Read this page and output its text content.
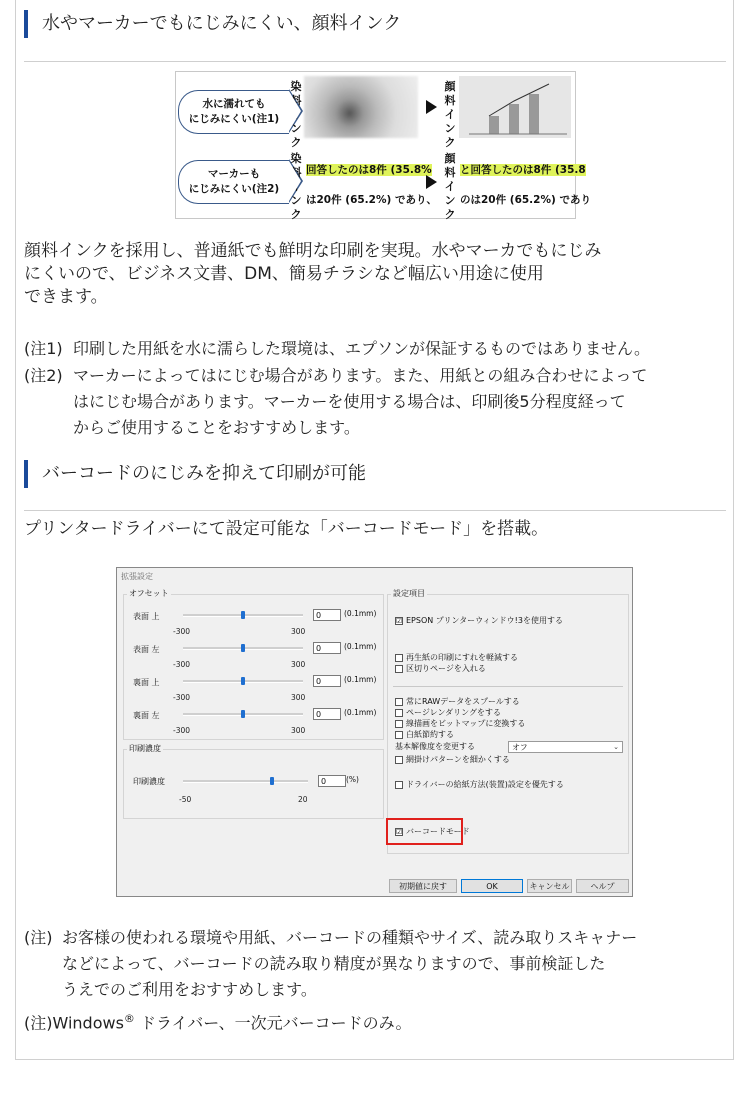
水やマーカーでもにじみにくい、顔料インク
水に濡れても
にじみにくい(注1)
染 ク
顔料インク
マーカーも
にじみにくい(注2)
染 ク
回答したのは8件 (35.8%
は20件 (65.2%) であり、
顔料インク
と回答したのは8件 (35.8
のは20件 (65.2%) であり
顔料インクを採用し、普通紙でも鮮明な印刷を実現。水やマーカでもにじみ
にくいので、ビジネス文書、DM、簡易チラシなど幅広い用途に使用
できます。
(注1) 印刷した用紙を水に濡らした環境は、エプソンが保証するものではありません。
(注2) マーカーによってはにじむ場合があります。また、用紙との組み合わせによって
はにじむ場合があります。マーカーを使用する場合は、印刷後5分程度経って
からご使用することをおすすめします。
バーコードのにじみを抑えて印刷が可能
プリンタードライバーにて設定可能な「バーコードモード」を搭載。
拡張設定
オフセット
印刷濃度
印刷濃度	0	(%)
-50	20
設定項目
☑ EPSON プリンターウィンドウ!3を使用する
再生紙の印刷にすれを軽減する
区切りページを入れる
常にRAWデータをスプールする
ページレンダリングをする
線描画をビットマップに変換する
白紙節約する
基本解像度を変更する	オフ	⌄
網掛けパターンを細かくする
ドライバーの給紙方法(装置)設定を優先する
☑ バーコードモード
初期値に戻す	OK	キャンセル	ヘルプ
表面 上	0	(0.1mm)
-300	300
表面 左	0	(0.1mm)
-300	300
裏面 上	0	(0.1mm)
-300	300
裏面 左	0	(0.1mm)
-300	300
(注) お客様の使われる環境や用紙、バーコードの種類やサイズ、読み取りスキャナー
などによって、バーコードの読み取り精度が異なりますので、事前検証した
うえでのご利用をおすすめします。
(注)Windows® ドライバー、一次元バーコードのみ。
